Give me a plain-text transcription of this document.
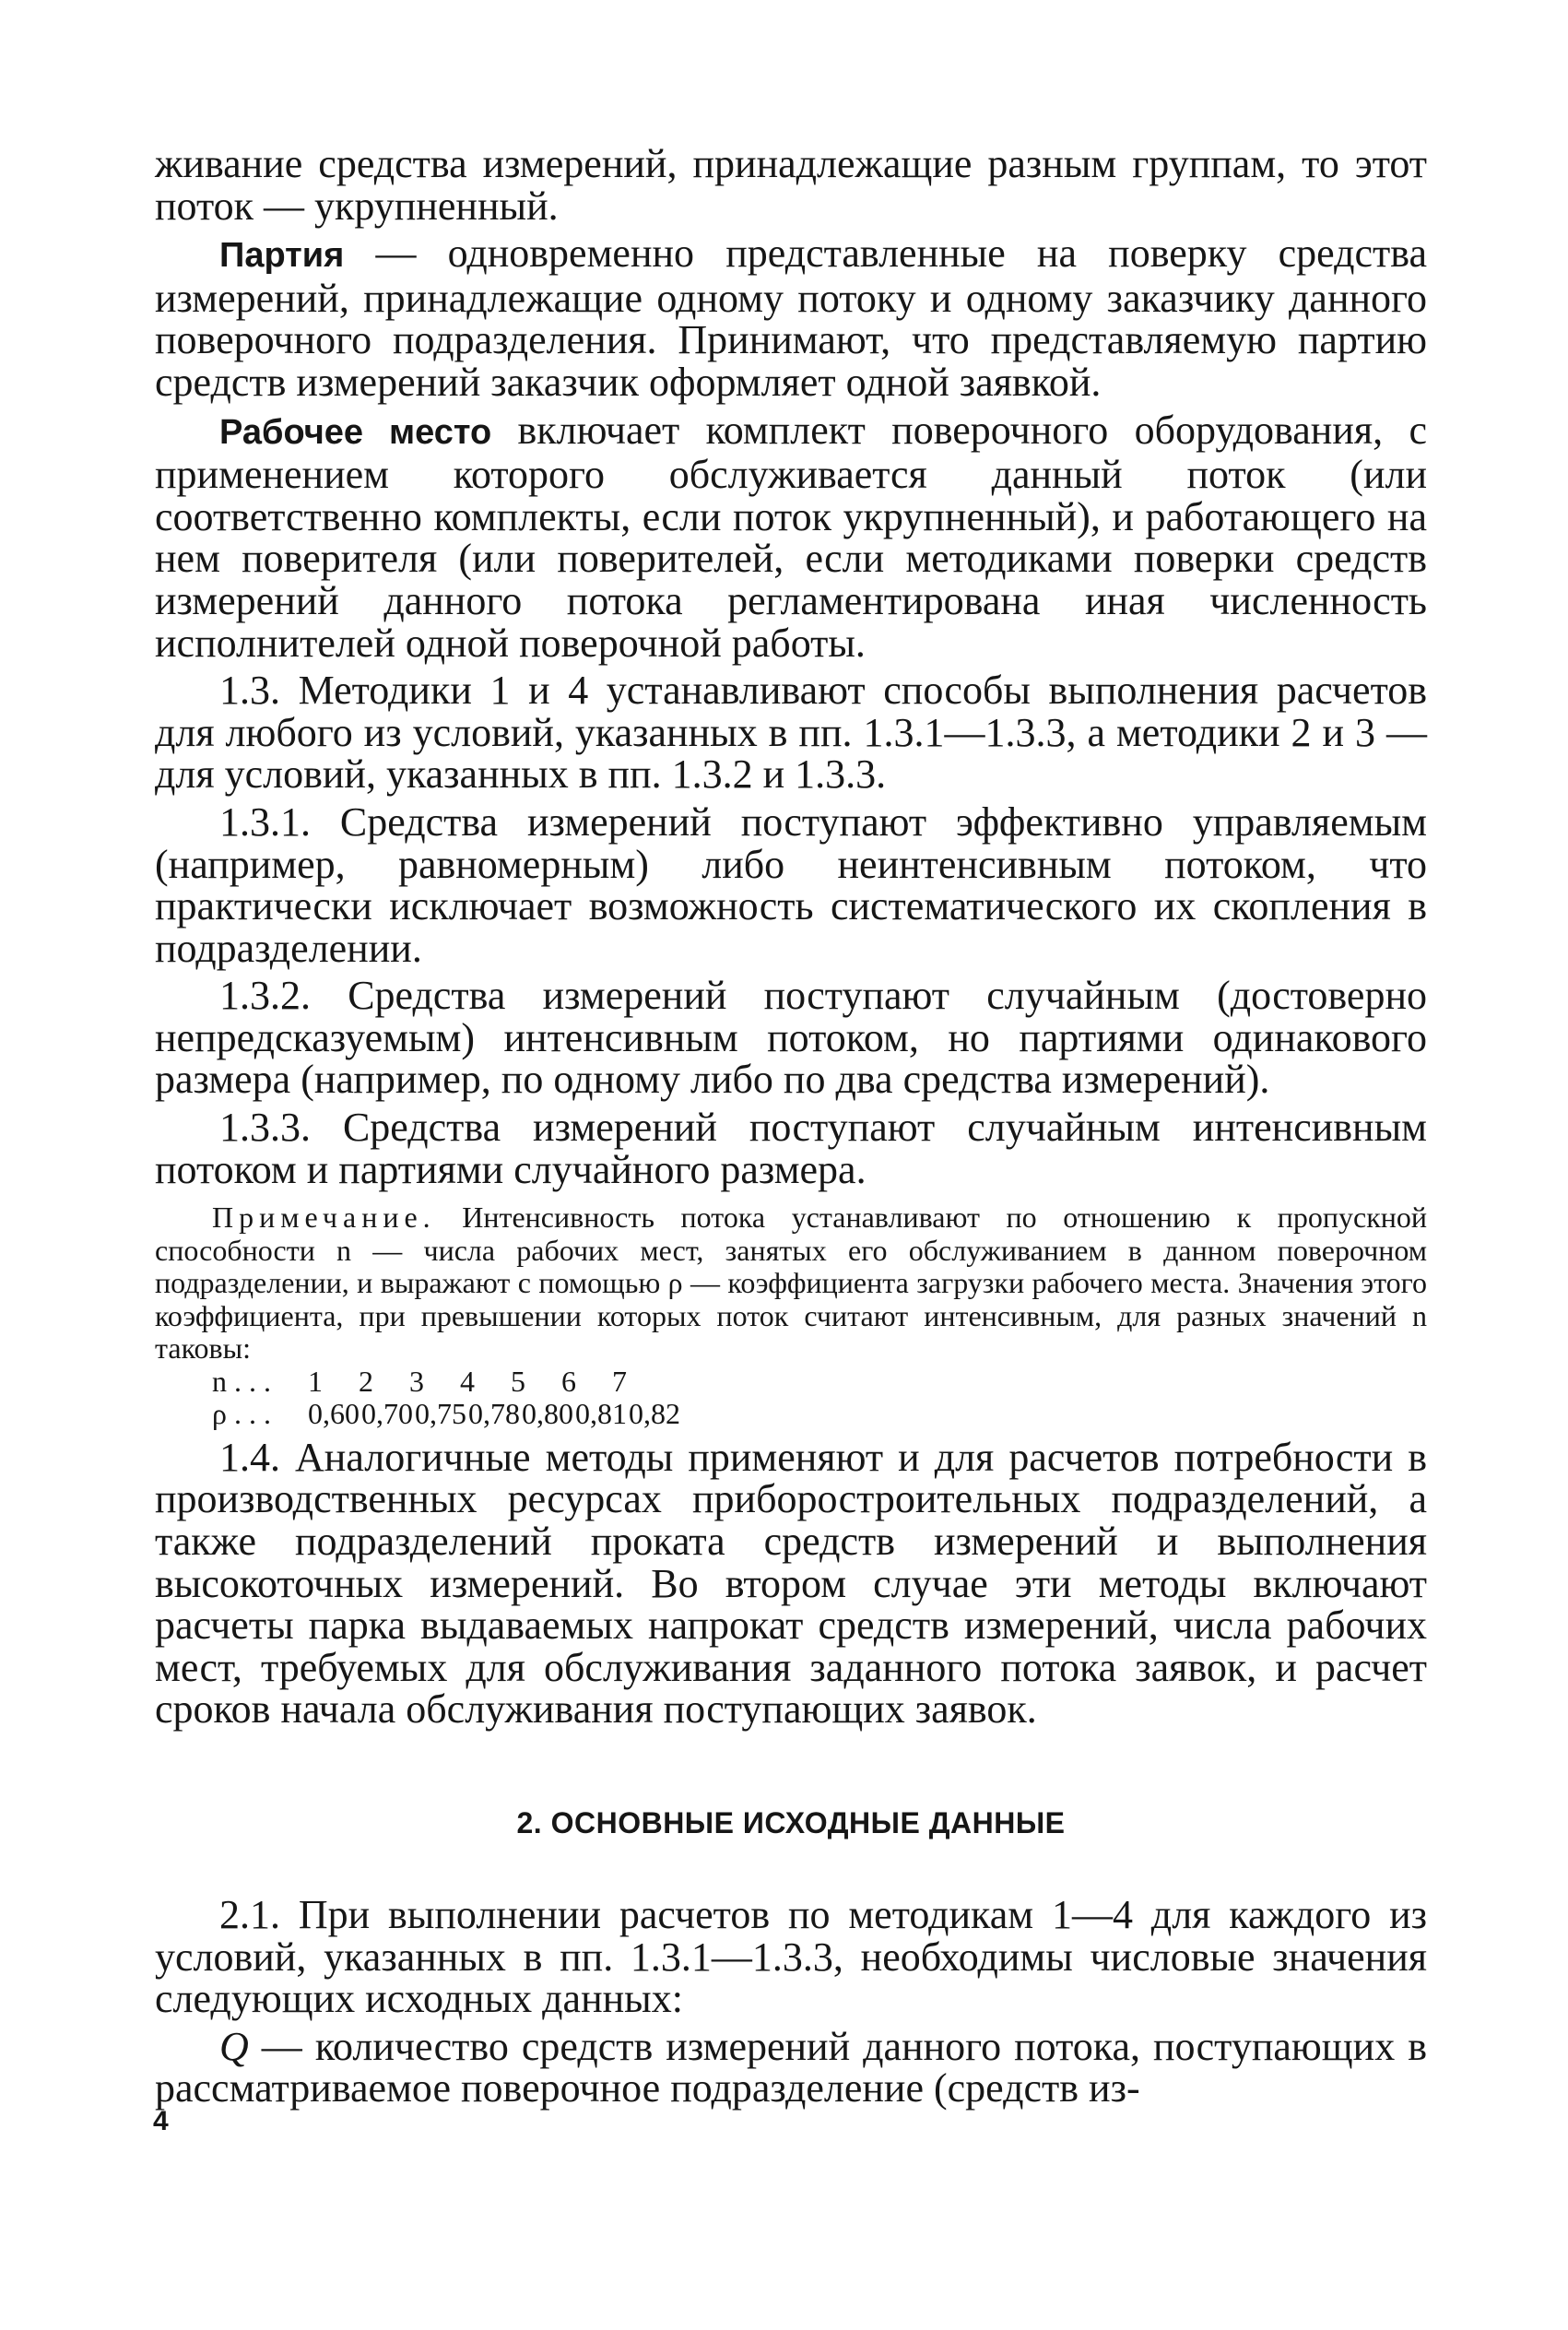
живание средства измерений, принадлежащие разным группам, то этот поток — укрупненный.

Партия — одновременно представленные на поверку средства измерений, принадлежащие одному потоку и одному заказчику данного поверочного подразделения. Принимают, что представляемую партию средств измерений заказчик оформляет одной заявкой.

Рабочее место включает комплект поверочного оборудования, с применением которого обслуживается данный поток (или соответственно комплекты, если поток укрупненный), и работающего на нем поверителя (или поверителей, если методиками поверки средств измерений данного потока регламентирована иная численность исполнителей одной поверочной работы.

1.3. Методики 1 и 4 устанавливают способы выполнения расчетов для любого из условий, указанных в пп. 1.3.1—1.3.3, а методики 2 и 3 — для условий, указанных в пп. 1.3.2 и 1.3.3.

1.3.1. Средства измерений поступают эффективно управляемым (например, равномерным) либо неинтенсивным потоком, что практически исключает возможность систематического их скопления в подразделении.

1.3.2. Средства измерений поступают случайным (достоверно непредсказуемым) интенсивным потоком, но партиями одинакового размера (например, по одному либо по два средства измерений).

1.3.3. Средства измерений поступают случайным интенсивным потоком и партиями случайного размера.

Примечание. Интенсивность потока устанавливают по отношению к пропускной способности n — числа рабочих мест, занятых его обслуживанием в данном поверочном подразделении, и выражают с помощью ρ — коэффициента загрузки рабочего места. Значения этого коэффициента, при превышении которых поток считают интенсивным, для разных значений n таковы:

n . . .	1	2	3	4	5	6	7
ρ . . .	0,60 0,70 0,75 0,78 0,80 0,81 0,82

1.4. Аналогичные методы применяют и для расчетов потребности в производственных ресурсах приборостроительных подразделений, а также подразделений проката средств измерений и выполнения высокоточных измерений. Во втором случае эти методы включают расчеты парка выдаваемых напрокат средств измерений, числа рабочих мест, требуемых для обслуживания заданного потока заявок, и расчет сроков начала обслуживания поступающих заявок.

2. ОСНОВНЫЕ ИСХОДНЫЕ ДАННЫЕ

2.1. При выполнении расчетов по методикам 1—4 для каждого из условий, указанных в пп. 1.3.1—1.3.3, необходимы числовые значения следующих исходных данных:

Q — количество средств измерений данного потока, поступающих в рассматриваемое поверочное подразделение (средств из-

4
